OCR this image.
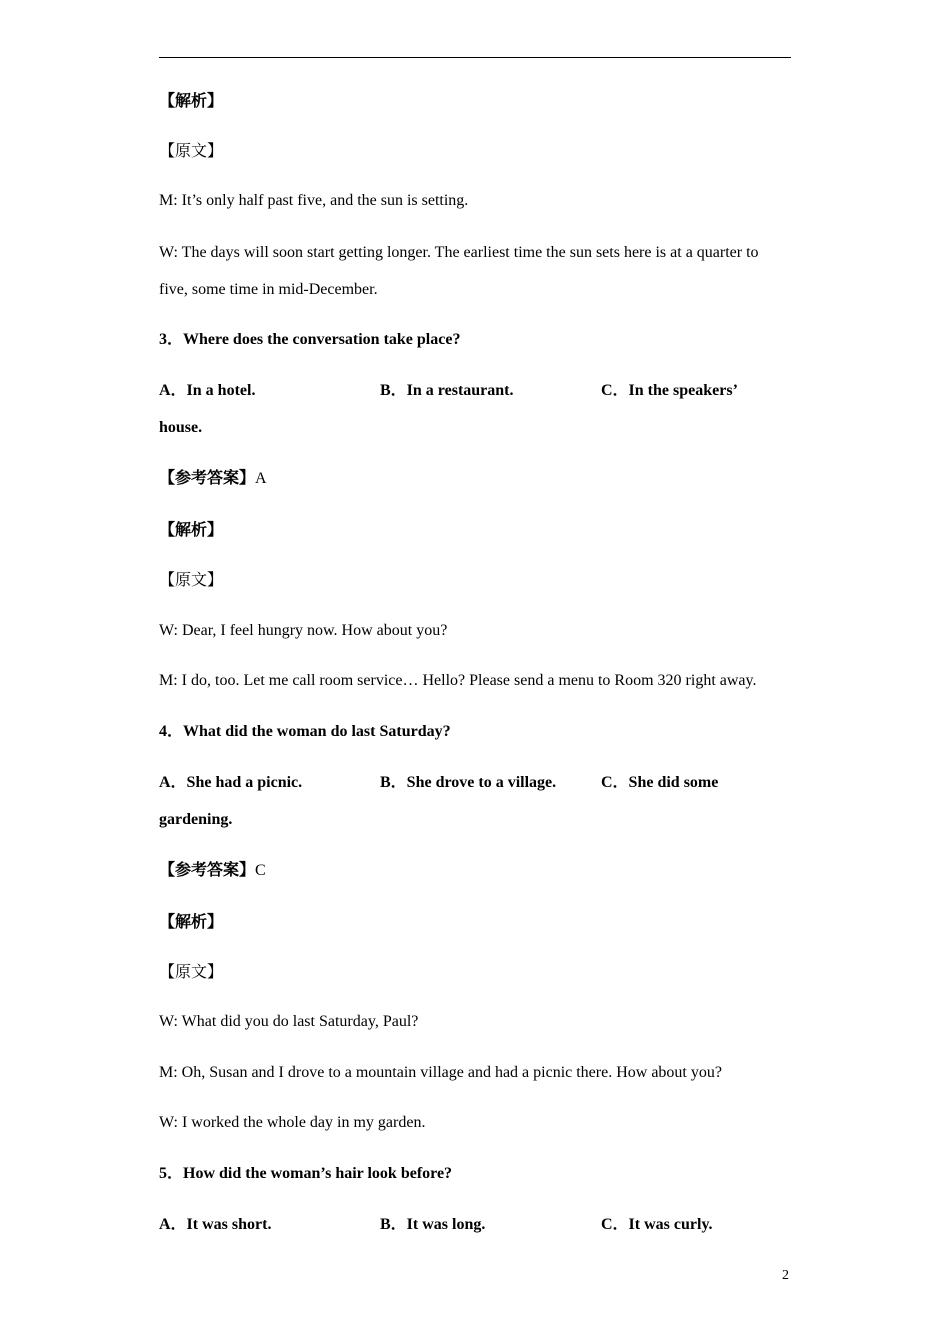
【解析】
【原文】
M: It’s only half past five, and the sun is setting.
W: The days will soon start getting longer. The earliest time the sun sets here is at a quarter to five, some time in mid-December.
3．Where does the conversation take place?
A．In a hotel.	B．In a restaurant.	C．In the speakers’
house.
【参考答案】A
【解析】
【原文】
W: Dear, I feel hungry now. How about you?
M: I do, too. Let me call room service… Hello? Please send a menu to Room 320 right away.
4．What did the woman do last Saturday?
A．She had a picnic.	B．She drove to a village.	C．She did some
gardening.
【参考答案】C
【解析】
【原文】
W: What did you do last Saturday, Paul?
M: Oh, Susan and I drove to a mountain village and had a picnic there. How about you?
W: I worked the whole day in my garden.
5．How did the woman’s hair look before?
A．It was short.	B．It was long.	C．It was curly.
2
